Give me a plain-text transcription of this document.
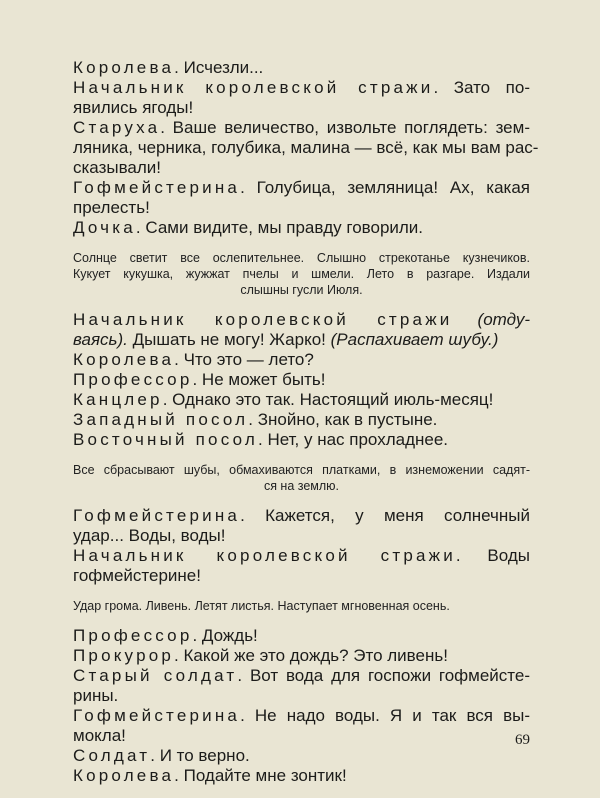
Королева. Исчезли...
Начальник королевской стражи. Зато по-
явились ягоды!
Старуха. Ваше величество, извольте поглядеть: зем-
ляника, черника, голубика, малина — всё, как мы вам рас-
сказывали!
Гофмейстерина. Голубица, земляница! Ах, какая
прелесть!
Дочка. Сами видите, мы правду говорили.
Солнце светит все ослепительнее. Слышно стрекотанье кузнечиков.
Кукует кукушка, жужжат пчелы и шмели. Лето в разгаре. Издали
слышны гусли Июля.
Начальник королевской стражи (отду-
ваясь). Дышать не могу! Жарко! (Распахивает шубу.)
Королева. Что это — лето?
Профессор. Не может быть!
Канцлер. Однако это так. Настоящий июль-месяц!
Западный посол. Знойно, как в пустыне.
Восточный посол. Нет, у нас прохладнее.
Все сбрасывают шубы, обмахиваются платками, в изнеможении садят-
ся на землю.
Гофмейстерина. Кажется, у меня солнечный
удар... Воды, воды!
Начальник королевской стражи. Воды
гофмейстерине!
Удар грома. Ливень. Летят листья. Наступает мгновенная осень.
Профессор. Дождь!
Прокурор. Какой же это дождь? Это ливень!
Старый солдат. Вот вода для госпожи гофмейсте-
рины.
Гофмейстерина. Не надо воды. Я и так вся вы-
мокла!
Солдат. И то верно.
Королева. Подайте мне зонтик!
69
